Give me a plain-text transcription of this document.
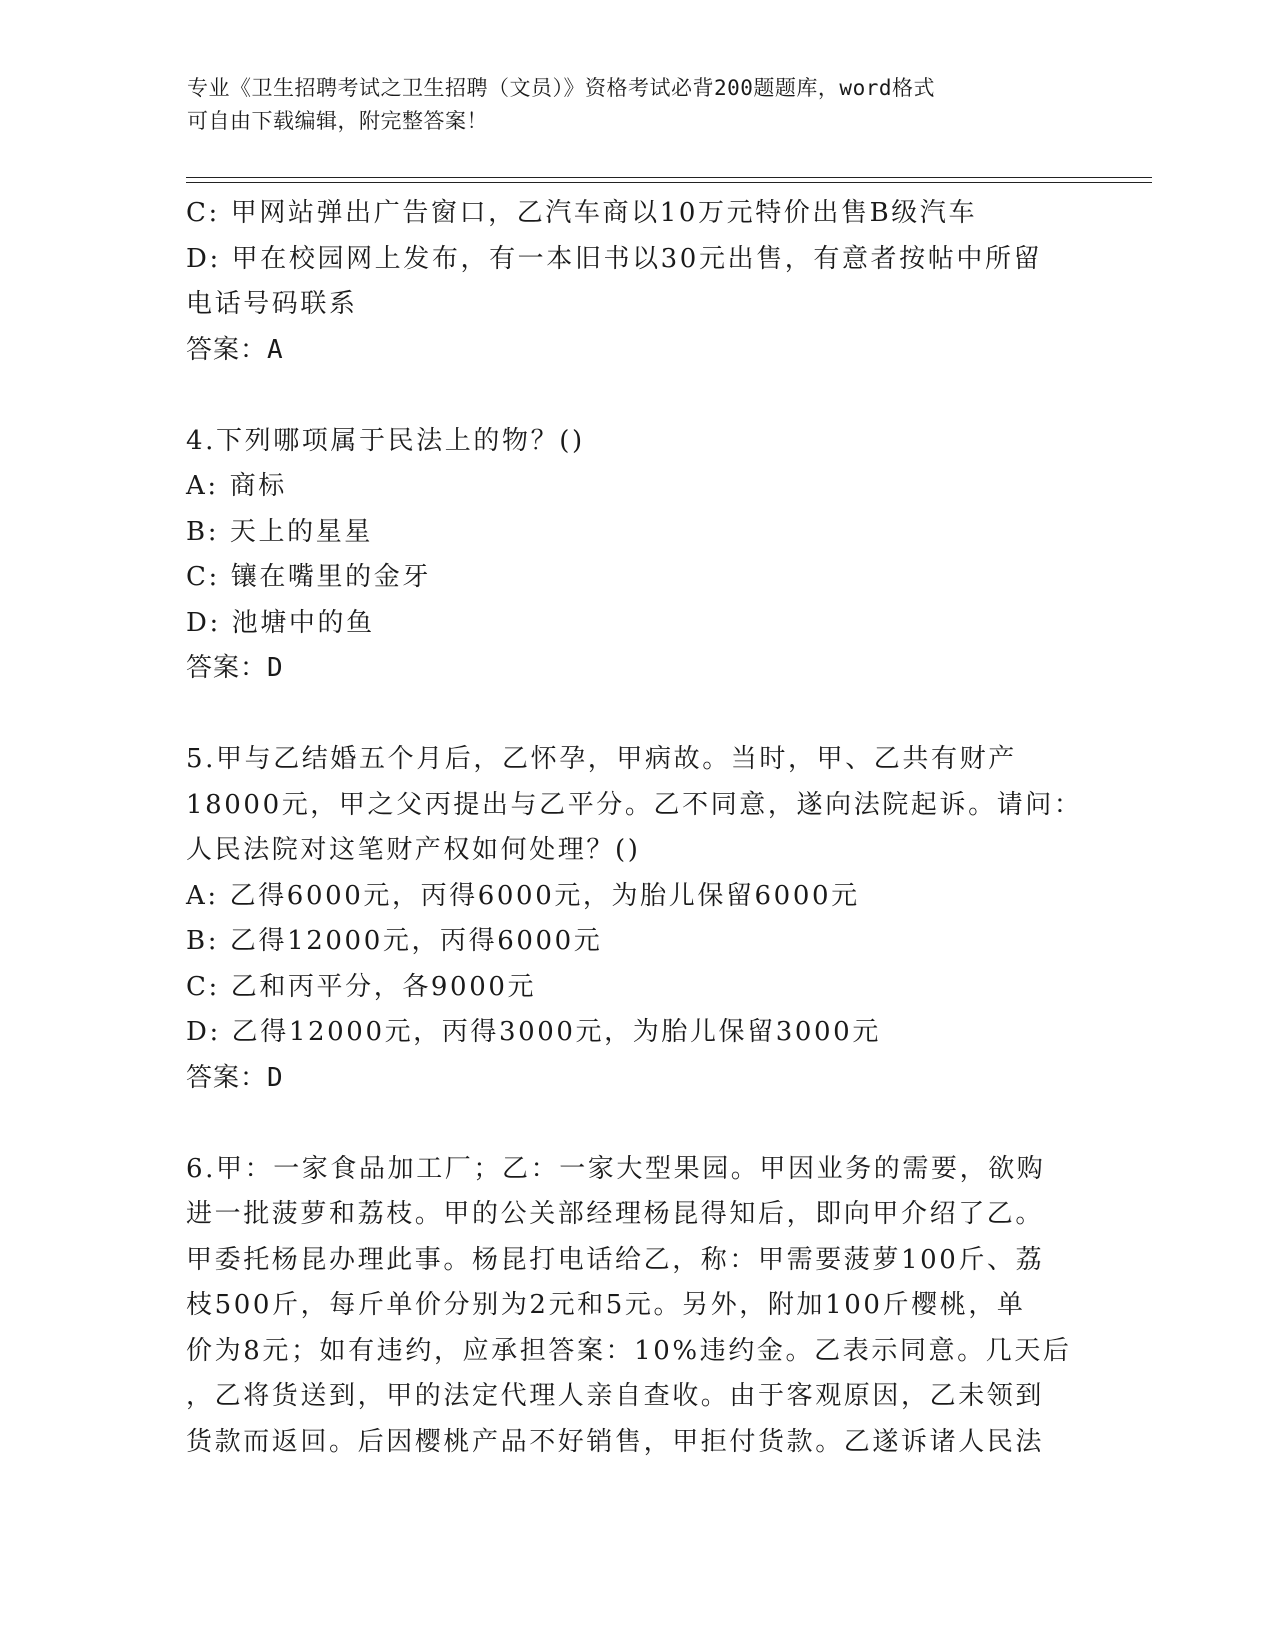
专业《卫生招聘考试之卫生招聘（文员）》资格考试必背200题题库，word格式
可自由下载编辑，附完整答案！
C: 甲网站弹出广告窗口，乙汽车商以10万元特价出售B级汽车
D: 甲在校园网上发布，有一本旧书以30元出售，有意者按帖中所留
电话号码联系
答案：A
4.下列哪项属于民法上的物？()
A: 商标
B: 天上的星星
C: 镶在嘴里的金牙
D: 池塘中的鱼
答案：D
5.甲与乙结婚五个月后，乙怀孕，甲病故。当时，甲、乙共有财产
18000元，甲之父丙提出与乙平分。乙不同意，遂向法院起诉。请问：
人民法院对这笔财产权如何处理？()
A: 乙得6000元，丙得6000元，为胎儿保留6000元
B: 乙得12000元，丙得6000元
C: 乙和丙平分，各9000元
D: 乙得12000元，丙得3000元，为胎儿保留3000元
答案：D
6.甲：一家食品加工厂；乙：一家大型果园。甲因业务的需要，欲购
进一批菠萝和荔枝。甲的公关部经理杨昆得知后，即向甲介绍了乙。
甲委托杨昆办理此事。杨昆打电话给乙，称：甲需要菠萝100斤、荔
枝500斤，每斤单价分别为2元和5元。另外，附加100斤樱桃，单
价为8元；如有违约，应承担答案：10%违约金。乙表示同意。几天后
，乙将货送到，甲的法定代理人亲自查收。由于客观原因，乙未领到
货款而返回。后因樱桃产品不好销售，甲拒付货款。乙遂诉诸人民法
